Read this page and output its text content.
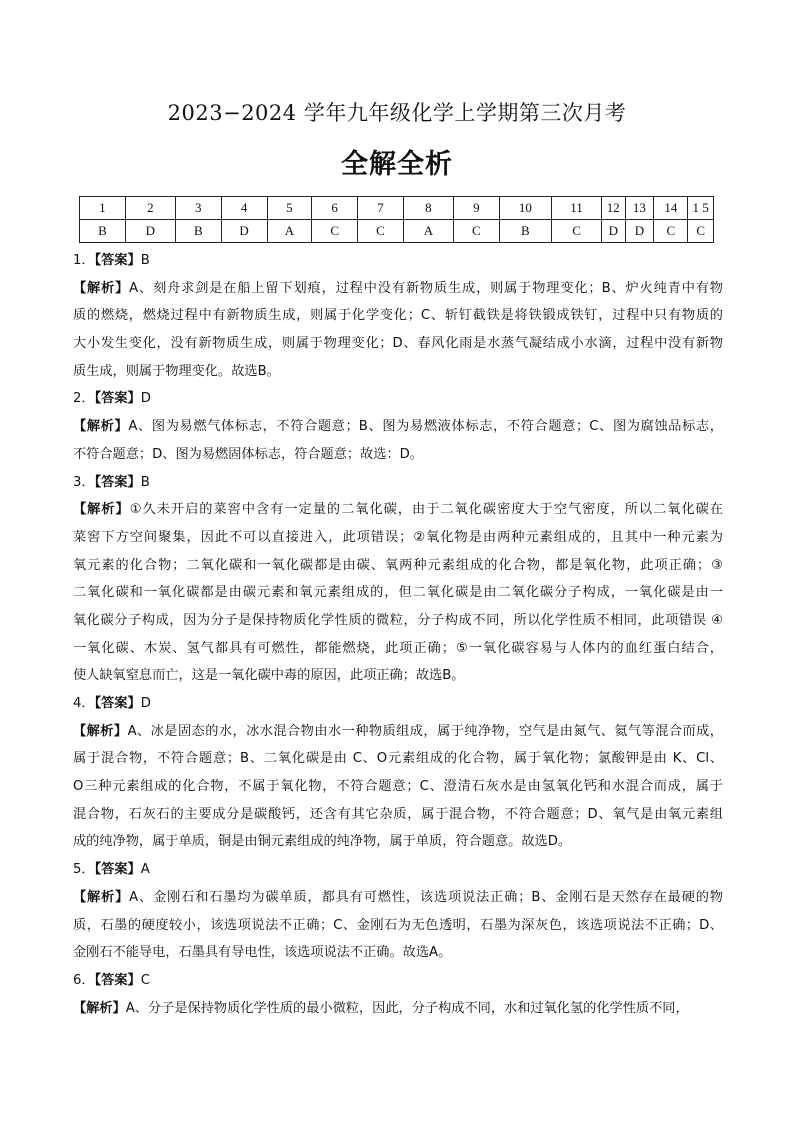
2023−2024 学年九年级化学上学期第三次月考
全解全析
1	2	3	4	5	6	7	8	9	10	11	12	13	14	1 5
B	D	B	D	A	C	C	A	C	B	C	D	D	C	C
1．【答案】B
【解析】A、刻舟求剑是在船上留下划痕，过程中没有新物质生成，则属于物理变化；B、炉火纯青中有物
质的燃烧，燃烧过程中有新物质生成，则属于化学变化；C、斩钉截铁是将铁锻成铁钉，过程中只有物质的
大小发生变化，没有新物质生成，则属于物理变化；D、春风化雨是水蒸气凝结成小水滴，过程中没有新物
质生成，则属于物理变化。故选B。
2．【答案】D
【解析】A、图为易燃气体标志，不符合题意；B、图为易燃液体标志，不符合题意；C、图为腐蚀品标志，
不符合题意；D、图为易燃固体标志，符合题意；故选：D。
3．【答案】B
【解析】①久未开启的菜窖中含有一定量的二氧化碳，由于二氧化碳密度大于空气密度，所以二氧化碳在
菜窖下方空间聚集，因此不可以直接进入，此项错误；②氧化物是由两种元素组成的，且其中一种元素为
氧元素的化合物；二氧化碳和一氧化碳都是由碳、氧两种元素组成的化合物，都是氧化物，此项正确；③
二氧化碳和一氧化碳都是由碳元素和氧元素组成的，但二氧化碳是由二氧化碳分子构成，一氧化碳是由一
氧化碳分子构成，因为分子是保持物质化学性质的微粒，分子构成不同，所以化学性质不相同，此项错误 ④
一氧化碳、木炭、氢气都具有可燃性，都能燃烧，此项正确；⑤一氧化碳容易与人体内的血红蛋白结合，
使人缺氧窒息而亡，这是一氧化碳中毒的原因，此项正确；故选B。
4．【答案】D
【解析】A、冰是固态的水，冰水混合物由水一种物质组成，属于纯净物，空气是由氮气、氦气等混合而成，
属于混合物，不符合题意；B、二氧化碳是由 C、O元素组成的化合物，属于氧化物；氯酸钾是由 K、Cl、
O三种元素组成的化合物，不属于氧化物，不符合题意；C、澄清石灰水是由氢氧化钙和水混合而成，属于
混合物，石灰石的主要成分是碳酸钙，还含有其它杂质，属于混合物，不符合题意；D、氧气是由氧元素组
成的纯净物，属于单质，铜是由铜元素组成的纯净物，属于单质，符合题意。故选D。
5．【答案】A
【解析】A、金刚石和石墨均为碳单质，都具有可燃性，该选项说法正确；B、金刚石是天然存在最硬的物
质，石墨的硬度较小，该选项说法不正确；C、金刚石为无色透明，石墨为深灰色，该选项说法不正确；D、
金刚石不能导电，石墨具有导电性，该选项说法不正确。故选A。
6．【答案】C
【解析】A、分子是保持物质化学性质的最小微粒，因此，分子构成不同，水和过氧化氢的化学性质不同，
